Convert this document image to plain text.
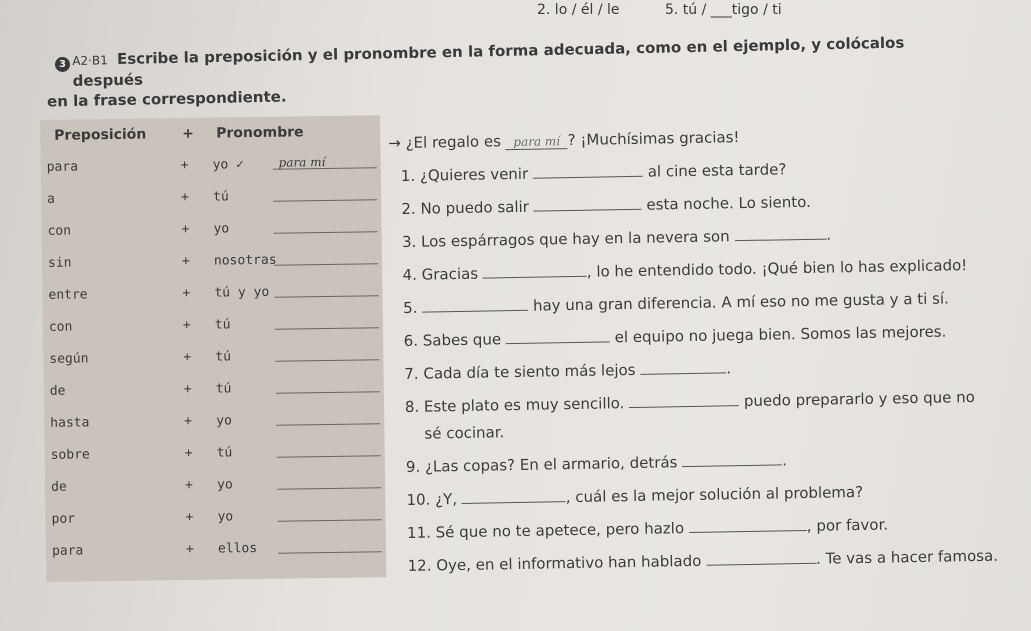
2. lo / él / le	5. tú / ___tigo / ti
3 A2·B1 Escribe la preposición y el pronombre en la forma adecuada, como en el ejemplo, y colócalos después
en la frase correspondiente.
Preposición	+ Pronombre
para	+ yo ✓	para mí
a	+ tú
con	+ yo
sin	+ nosotras
entre	+ tú y yo
con	+ tú
según	+ tú
de	+ tú
hasta	+ yo
sobre	+ tú
de	+ yo
por	+ yo
para	+ ellos
→ ¿El regalo es para mí ? ¡Muchísimas gracias!
1. ¿Quieres venir	al cine esta tarde?
2. No puedo salir	esta noche. Lo siento.
3. Los espárragos que hay en la nevera son	.
4. Gracias	, lo he entendido todo. ¡Qué bien lo has explicado!
5.	hay una gran diferencia. A mí eso no me gusta y a ti sí.
6. Sabes que	el equipo no juega bien. Somos las mejores.
7. Cada día te siento más lejos	.
8. Este plato es muy sencillo.	puedo prepararlo y eso que no
sé cocinar.
9. ¿Las copas? En el armario, detrás	.
10. ¿Y,	, cuál es la mejor solución al problema?
11. Sé que no te apetece, pero hazlo	, por favor.
12. Oye, en el informativo han hablado	. Te vas a hacer famosa.
